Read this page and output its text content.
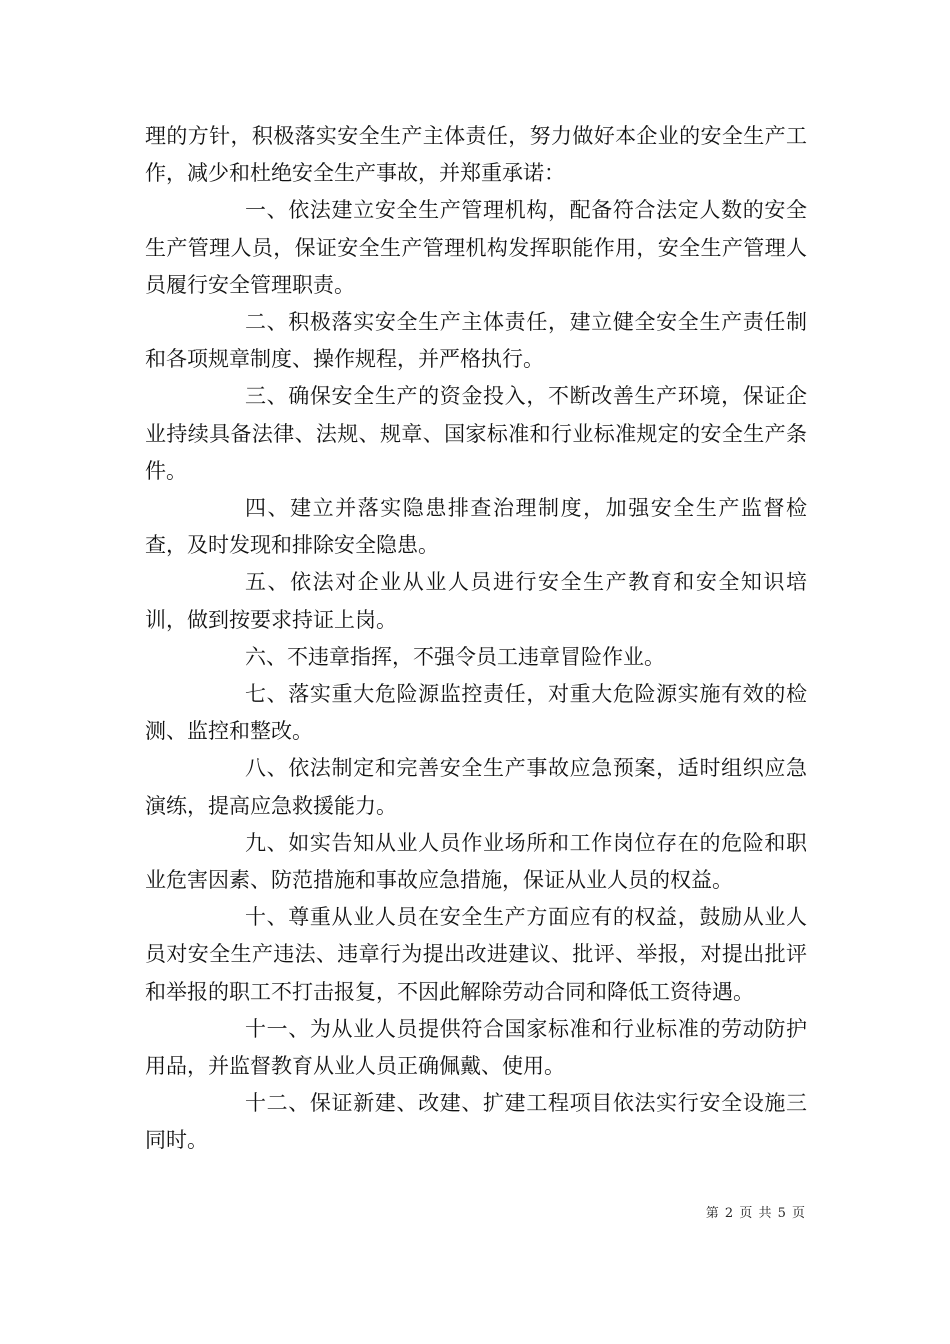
理的方针，积极落实安全生产主体责任，努力做好本企业的安全生产工作，减少和杜绝安全生产事故，并郑重承诺：

一、依法建立安全生产管理机构，配备符合法定人数的安全生产管理人员，保证安全生产管理机构发挥职能作用，安全生产管理人员履行安全管理职责。

二、积极落实安全生产主体责任，建立健全安全生产责任制和各项规章制度、操作规程，并严格执行。

三、确保安全生产的资金投入，不断改善生产环境，保证企业持续具备法律、法规、规章、国家标准和行业标准规定的安全生产条件。

四、建立并落实隐患排查治理制度，加强安全生产监督检查，及时发现和排除安全隐患。

五、依法对企业从业人员进行安全生产教育和安全知识培训，做到按要求持证上岗。

六、不违章指挥，不强令员工违章冒险作业。

七、落实重大危险源监控责任，对重大危险源实施有效的检测、监控和整改。

八、依法制定和完善安全生产事故应急预案，适时组织应急演练，提高应急救援能力。

九、如实告知从业人员作业场所和工作岗位存在的危险和职业危害因素、防范措施和事故应急措施，保证从业人员的权益。

十、尊重从业人员在安全生产方面应有的权益，鼓励从业人员对安全生产违法、违章行为提出改进建议、批评、举报，对提出批评和举报的职工不打击报复，不因此解除劳动合同和降低工资待遇。

十一、为从业人员提供符合国家标准和行业标准的劳动防护用品，并监督教育从业人员正确佩戴、使用。

十二、保证新建、改建、扩建工程项目依法实行安全设施三同时。

第 2 页 共 5 页
